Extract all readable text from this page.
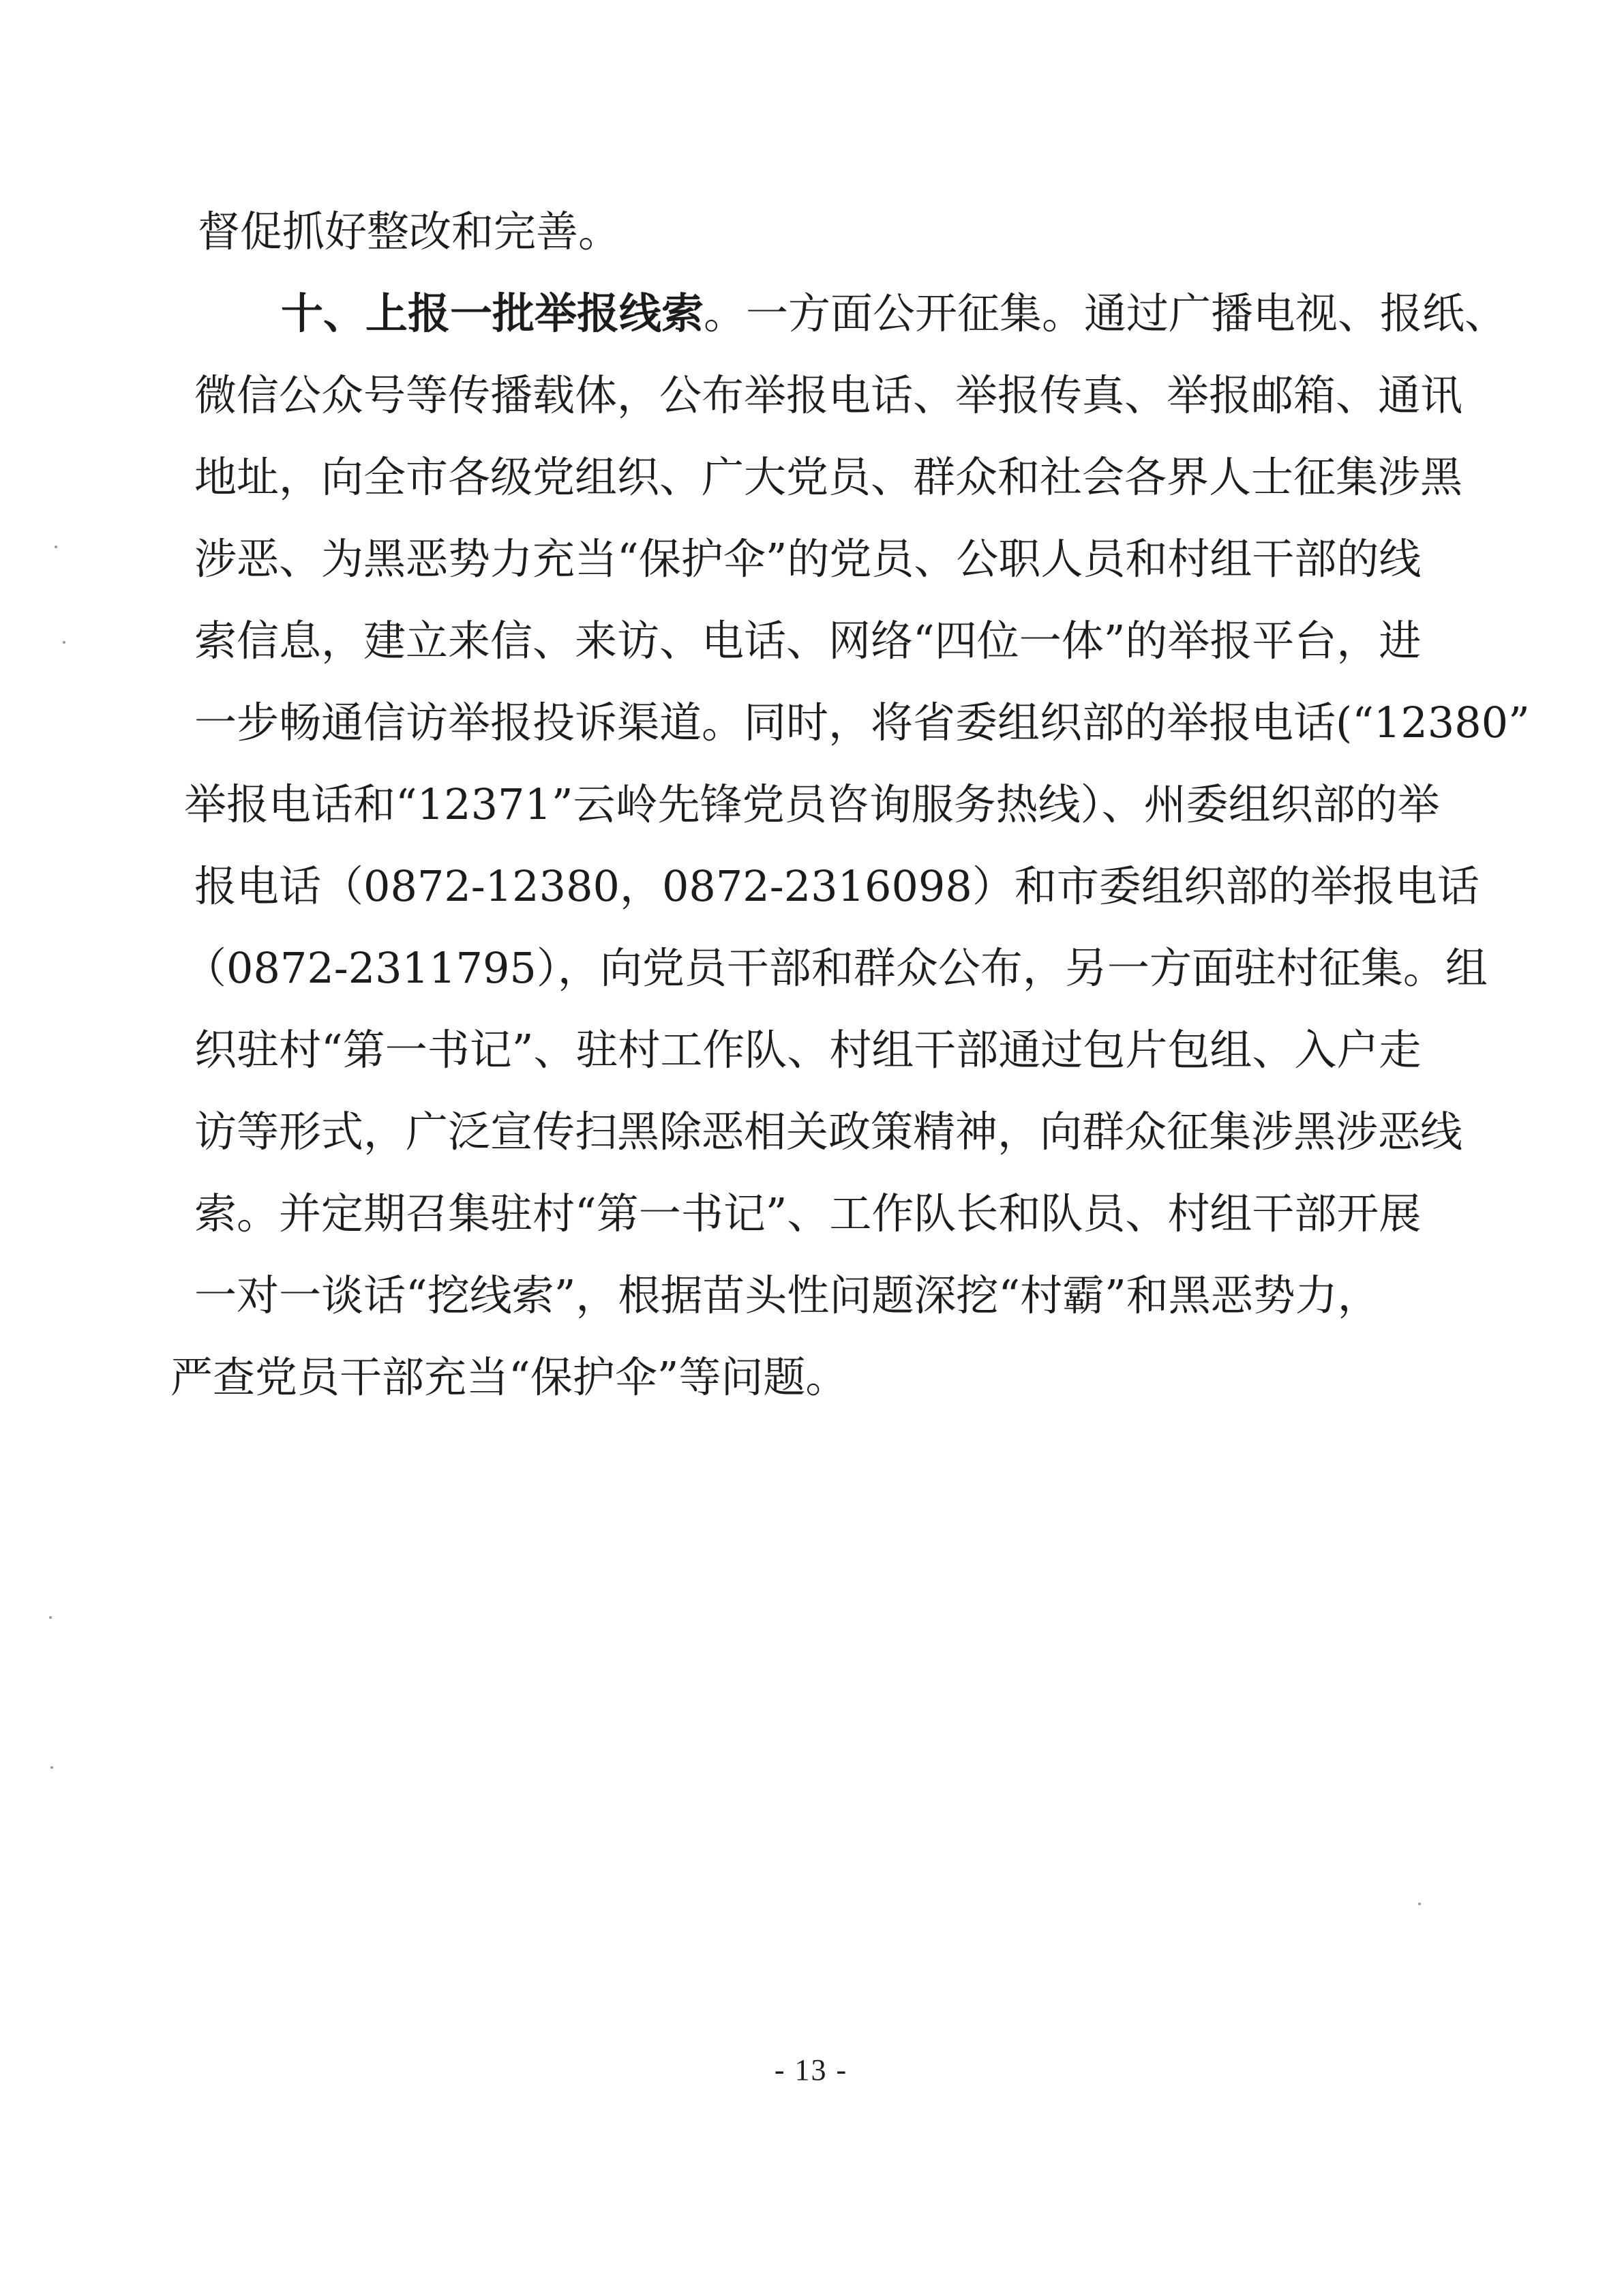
督促抓好整改和完善。
十、上报一批举报线索。一方面公开征集。通过广播电视、报纸、
微信公众号等传播载体，公布举报电话、举报传真、举报邮箱、通讯
地址，向全市各级党组织、广大党员、群众和社会各界人士征集涉黑
涉恶、为黑恶势力充当“保护伞”的党员、公职人员和村组干部的线
索信息，建立来信、来访、电话、网络“四位一体”的举报平台，进
一步畅通信访举报投诉渠道。同时，将省委组织部的举报电话(“12380”
举报电话和“12371”云岭先锋党员咨询服务热线）、州委组织部的举
报电话（0872-12380，0872-2316098）和市委组织部的举报电话
（0872-2311795），向党员干部和群众公布，另一方面驻村征集。组
织驻村“第一书记”、驻村工作队、村组干部通过包片包组、入户走
访等形式，广泛宣传扫黑除恶相关政策精神，向群众征集涉黑涉恶线
索。并定期召集驻村“第一书记”、工作队长和队员、村组干部开展
一对一谈话“挖线索”，根据苗头性问题深挖“村霸”和黑恶势力，
严查党员干部充当“保护伞”等问题。
- 13 -
